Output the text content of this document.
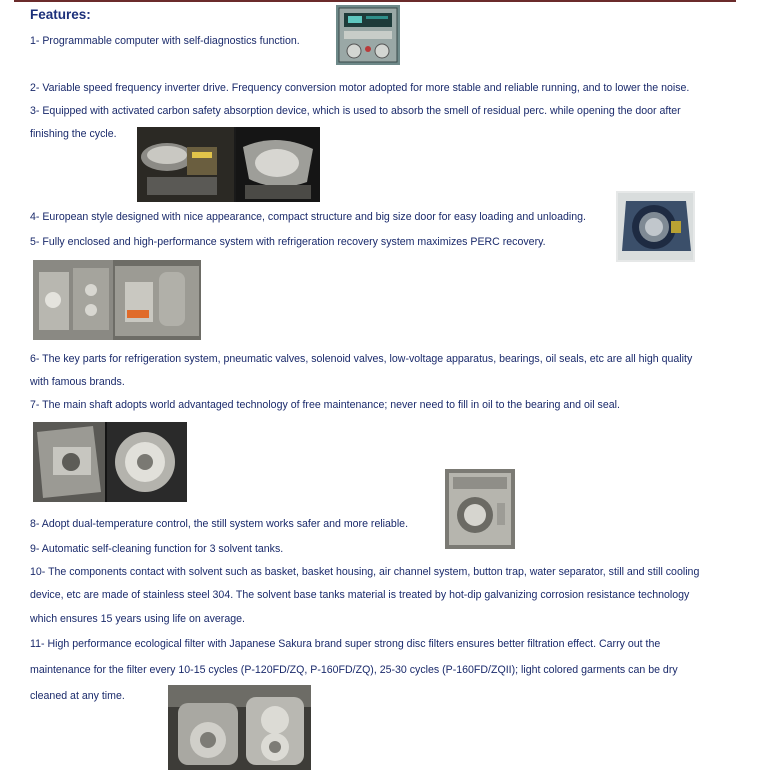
Features:
1- Programmable computer with self-diagnostics function.
2- Variable speed frequency inverter drive. Frequency conversion motor adopted for more stable and reliable running, and to lower the noise.
3- Equipped with activated carbon safety absorption device, which is used to absorb the smell of residual perc. while opening the door after
finishing the cycle.
4- European style designed with nice appearance, compact structure and big size door for easy loading and unloading.
5- Fully enclosed and high-performance system with refrigeration recovery system maximizes PERC recovery.
6- The key parts for refrigeration system, pneumatic valves, solenoid valves, low-voltage apparatus, bearings, oil seals, etc are all high quality
with famous brands.
7- The main shaft adopts world advantaged technology of free maintenance; never need to fill in oil to the bearing and oil seal.
8- Adopt dual-temperature control, the still system works safer and more reliable.
9- Automatic self-cleaning function for 3 solvent tanks.
10- The components contact with solvent such as basket, basket housing, air channel system, button trap, water separator, still and still cooling
device, etc are made of stainless steel 304. The solvent base tanks material is treated by hot-dip galvanizing corrosion resistance technology
which ensures 15 years using life on average.
11- High performance ecological filter with Japanese Sakura brand super strong disc filters ensures better filtration effect. Carry out the
maintenance for the filter every 10-15 cycles (P-120FD/ZQ, P-160FD/ZQ), 25-30 cycles (P-160FD/ZQII); light colored garments can be dry
cleaned at any time.
